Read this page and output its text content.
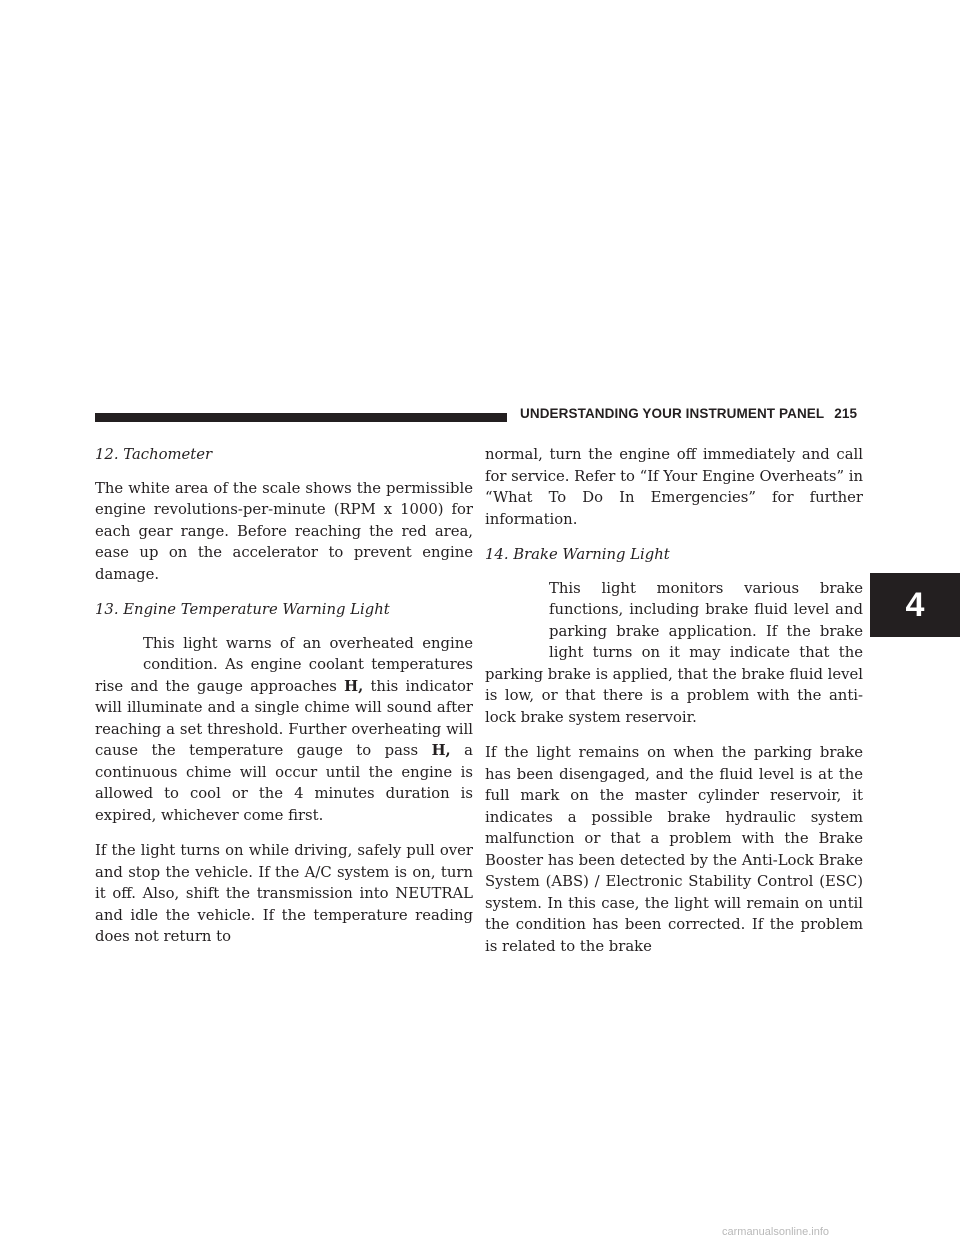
UNDERSTANDING YOUR INSTRUMENT PANEL 215
4

12. Tachometer

The white area of the scale shows the permissible engine revolutions-per-minute (RPM x 1000) for each gear range. Before reaching the red area, ease up on the accelerator to prevent engine damage.

13. Engine Temperature Warning Light

This light warns of an overheated engine condition. As engine coolant temperatures rise and the gauge approaches H, this indicator will illuminate and a single chime will sound after reaching a set threshold. Further overheating will cause the temperature gauge to pass H, a continuous chime will occur until the engine is allowed to cool or the 4 minutes duration is expired, whichever come first.

If the light turns on while driving, safely pull over and stop the vehicle. If the A/C system is on, turn it off. Also, shift the transmission into NEUTRAL and idle the vehicle. If the temperature reading does not return to

normal, turn the engine off immediately and call for service. Refer to “If Your Engine Overheats” in “What To Do In Emergencies” for further information.

14. Brake Warning Light

This light monitors various brake functions, including brake fluid level and parking brake application. If the brake light turns on it may indicate that the parking brake is applied, that the brake fluid level is low, or that there is a problem with the anti-lock brake system reservoir.

If the light remains on when the parking brake has been disengaged, and the fluid level is at the full mark on the master cylinder reservoir, it indicates a possible brake hydraulic system malfunction or that a problem with the Brake Booster has been detected by the Anti-Lock Brake System (ABS) / Electronic Stability Control (ESC) system. In this case, the light will remain on until the condition has been corrected. If the problem is related to the brake

carmanualsonline.info
